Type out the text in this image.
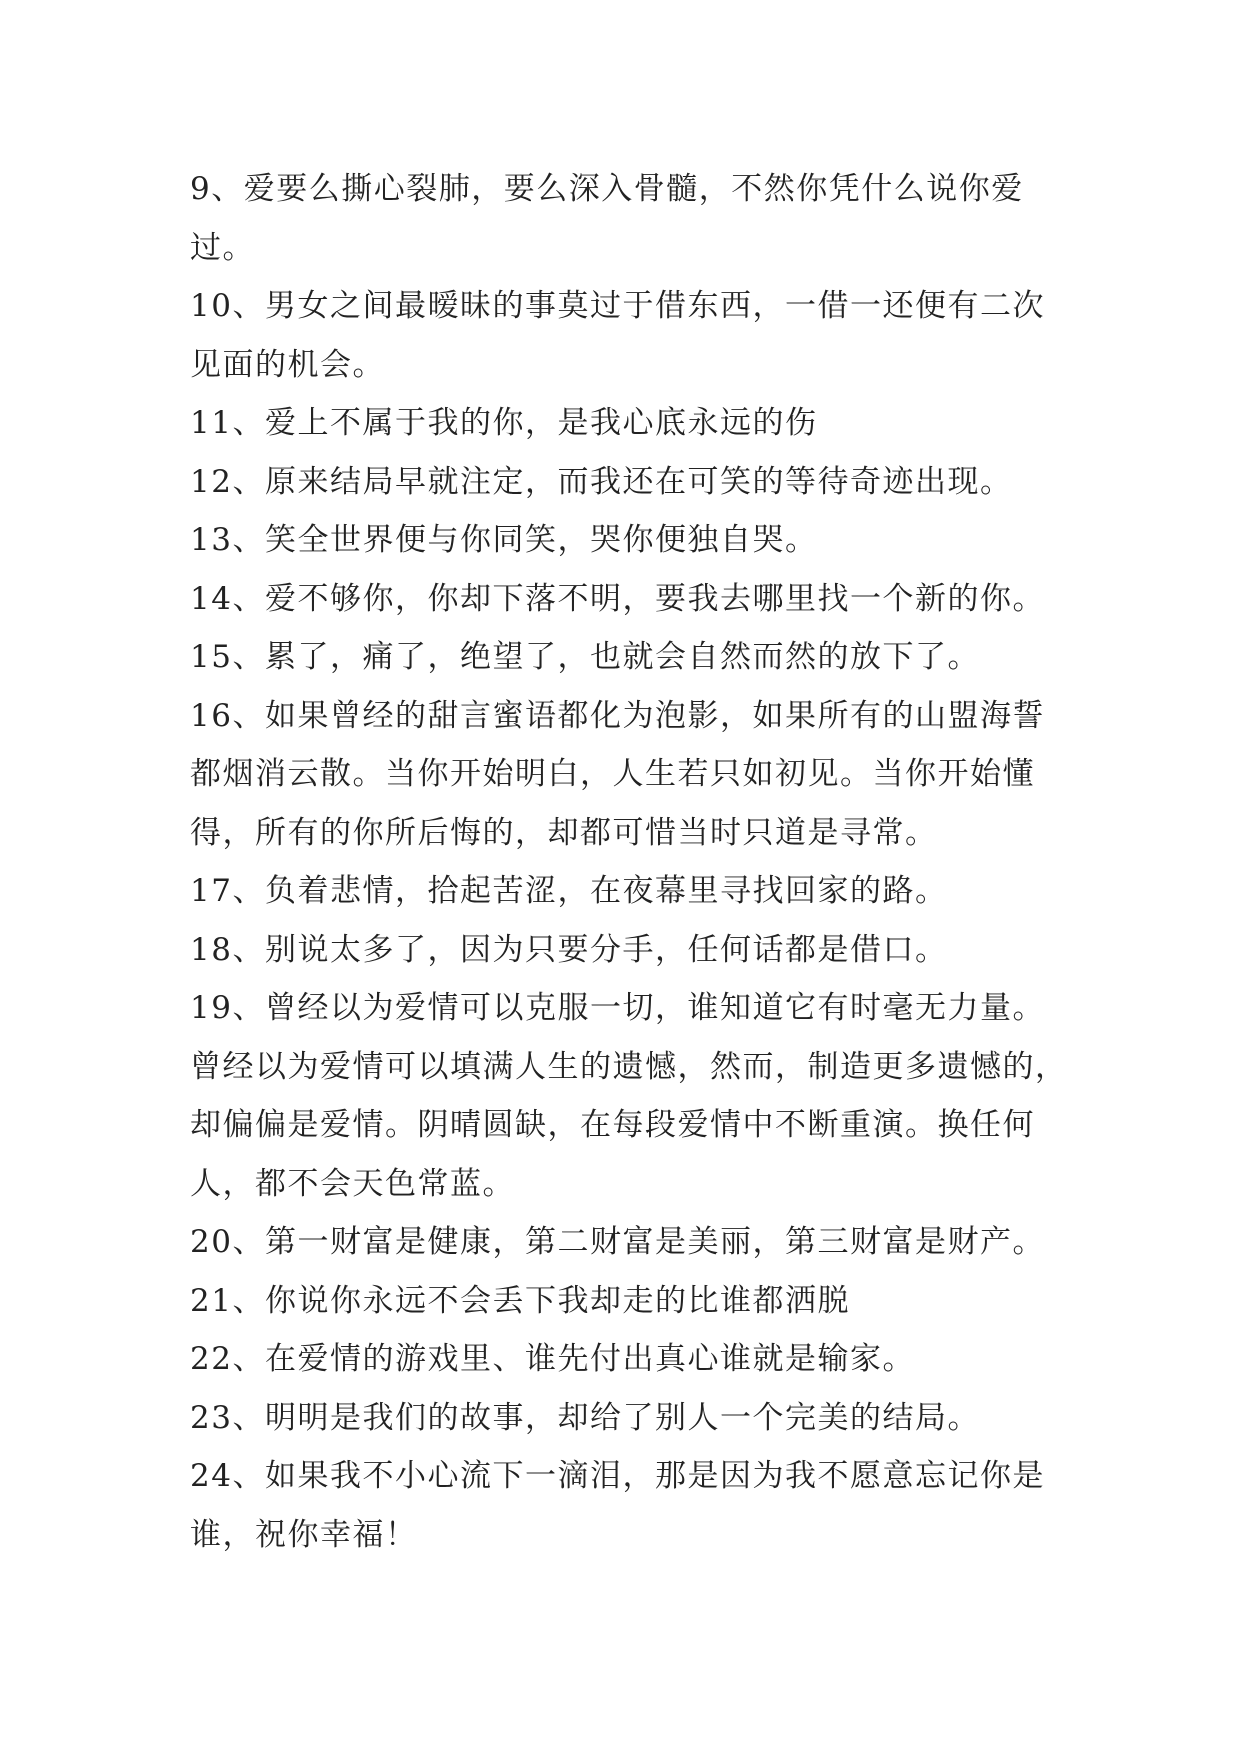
9、爱要么撕心裂肺，要么深入骨髓，不然你凭什么说你爱
过。
10、男女之间最暧昧的事莫过于借东西，一借一还便有二次
见面的机会。
11、爱上不属于我的你，是我心底永远的伤
12、原来结局早就注定，而我还在可笑的等待奇迹出现。
13、笑全世界便与你同笑，哭你便独自哭。
14、爱不够你，你却下落不明，要我去哪里找一个新的你。
15、累了，痛了，绝望了，也就会自然而然的放下了。
16、如果曾经的甜言蜜语都化为泡影，如果所有的山盟海誓
都烟消云散。当你开始明白，人生若只如初见。当你开始懂
得，所有的你所后悔的，却都可惜当时只道是寻常。
17、负着悲情，拾起苦涩，在夜幕里寻找回家的路。
18、别说太多了，因为只要分手，任何话都是借口。
19、曾经以为爱情可以克服一切，谁知道它有时毫无力量。
曾经以为爱情可以填满人生的遗憾，然而，制造更多遗憾的，
却偏偏是爱情。阴晴圆缺，在每段爱情中不断重演。换任何
人，都不会天色常蓝。
20、第一财富是健康，第二财富是美丽，第三财富是财产。
21、你说你永远不会丢下我却走的比谁都洒脱
22、在爱情的游戏里、谁先付出真心谁就是输家。
23、明明是我们的故事，却给了别人一个完美的结局。
24、如果我不小心流下一滴泪，那是因为我不愿意忘记你是
谁，祝你幸福！
